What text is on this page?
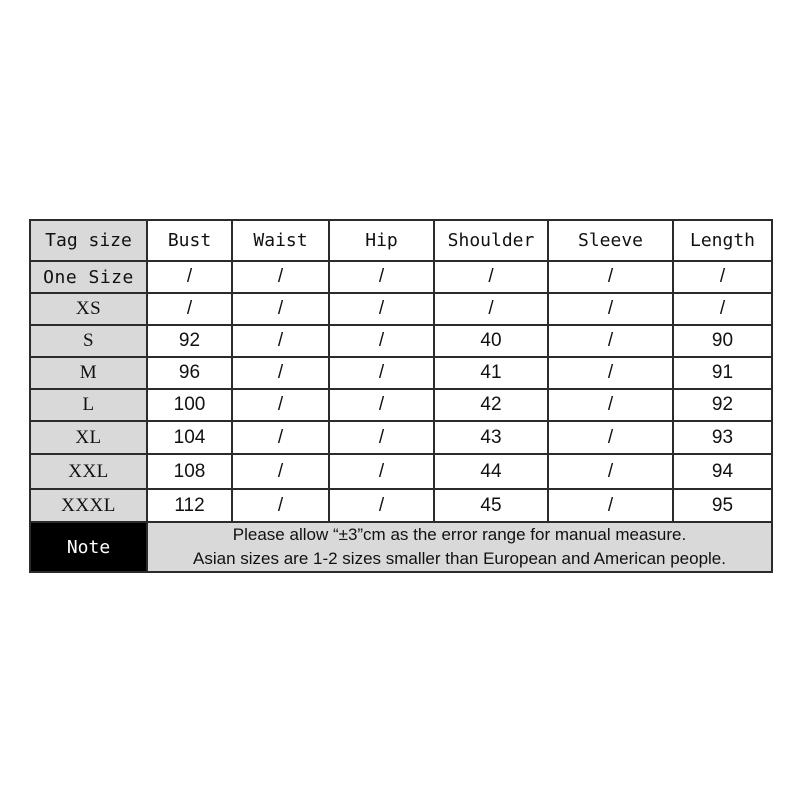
Tag size	Bust	Waist	Hip	Shoulder	Sleeve	Length
One Size	/	/	/	/	/	/
XS	/	/	/	/	/	/
S	92	/	/	40	/	90
M	96	/	/	41	/	91
L	100	/	/	42	/	92
XL	104	/	/	43	/	93
XXL	108	/	/	44	/	94
XXXL	112	/	/	45	/	95
Note	Please allow “±3”cm as the error range for manual measure.
Asian sizes are 1-2 sizes smaller than European and American people.					
